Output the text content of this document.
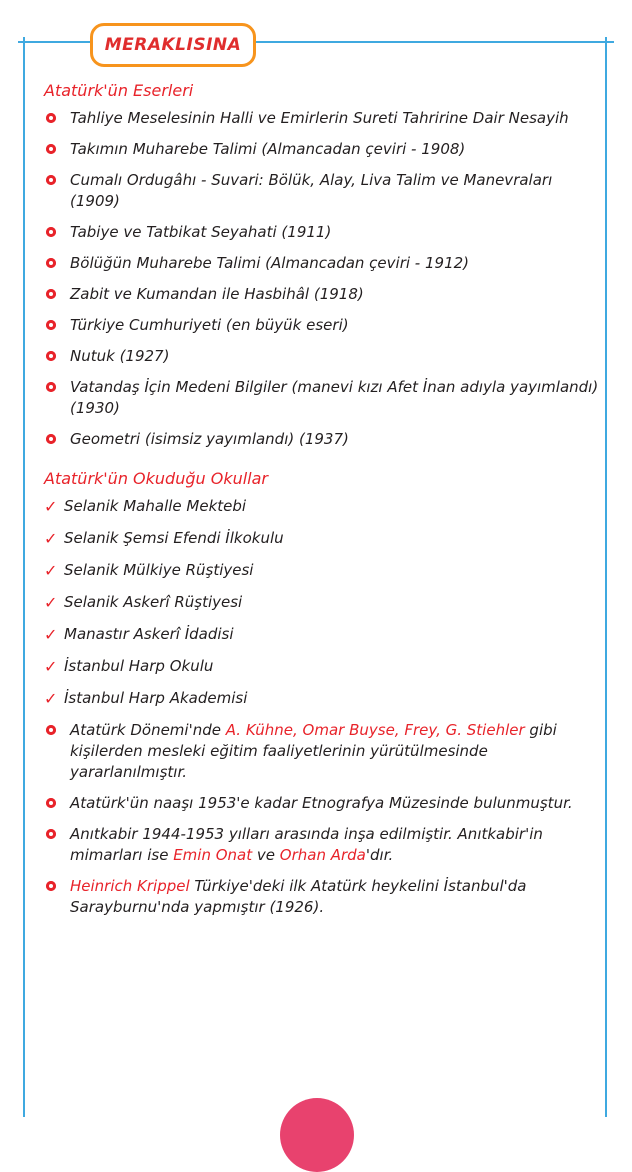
MERAKLISINA
Atatürk'ün Eserleri
Tahliye Meselesinin Halli ve Emirlerin Sureti Tahririne Dair Nesayih
Takımın Muharebe Talimi (Almancadan çeviri - 1908)
Cumalı Ordugâhı - Suvari: Bölük, Alay, Liva Talim ve Manevraları (1909)
Tabiye ve Tatbikat Seyahati (1911)
Bölüğün Muharebe Talimi (Almancadan çeviri - 1912)
Zabit ve Kumandan ile Hasbihâl (1918)
Türkiye Cumhuriyeti (en büyük eseri)
Nutuk (1927)
Vatandaş İçin Medeni Bilgiler (manevi kızı Afet İnan adıyla yayımlandı) (1930)
Geometri (isimsiz yayımlandı) (1937)
Atatürk'ün Okuduğu Okullar
✓ Selanik Mahalle Mektebi
✓ Selanik Şemsi Efendi İlkokulu
✓ Selanik Mülkiye Rüştiyesi
✓ Selanik Askerî Rüştiyesi
✓ Manastır Askerî İdadisi
✓ İstanbul Harp Okulu
✓ İstanbul Harp Akademisi
Atatürk Dönemi'nde A. Kühne, Omar Buyse, Frey, G. Stiehler gibi kişilerden mesleki eğitim faaliyetlerinin yürütülmesinde yararlanılmıştır.
Atatürk'ün naaşı 1953'e kadar Etnografya Müzesinde bulunmuştur.
Anıtkabir 1944-1953 yılları arasında inşa edilmiştir. Anıtkabir'in mimarları ise Emin Onat ve Orhan Arda'dır.
Heinrich Krippel Türkiye'deki ilk Atatürk heykelini İstanbul'da Sarayburnu'nda yapmıştır (1926).
